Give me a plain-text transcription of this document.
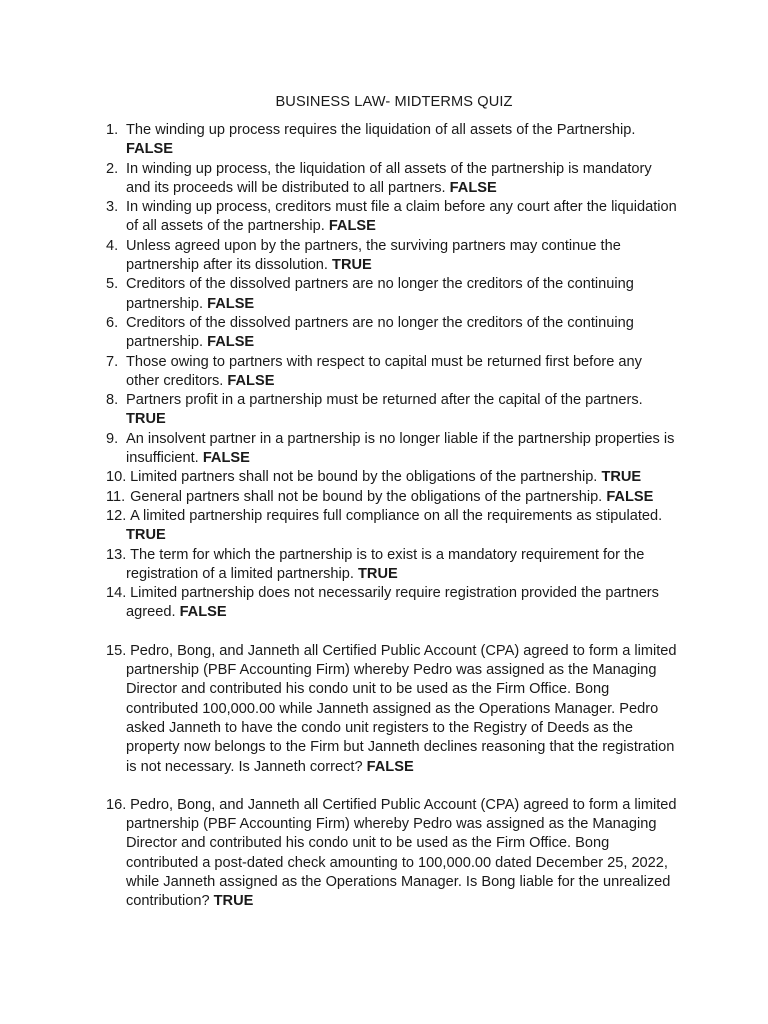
BUSINESS LAW- MIDTERMS QUIZ
1. The winding up process requires the liquidation of all assets of the Partnership.
FALSE
2. In winding up process, the liquidation of all assets of the partnership is mandatory and its proceeds will be distributed to all partners. FALSE
3. In winding up process, creditors must file a claim before any court after the liquidation of all assets of the partnership. FALSE
4. Unless agreed upon by the partners, the surviving partners may continue the partnership after its dissolution. TRUE
5. Creditors of the dissolved partners are no longer the creditors of the continuing partnership. FALSE
6. Creditors of the dissolved partners are no longer the creditors of the continuing partnership. FALSE
7. Those owing to partners with respect to capital must be returned first before any other creditors. FALSE
8. Partners profit in a partnership must be returned after the capital of the partners.
TRUE
9. An insolvent partner in a partnership is no longer liable if the partnership properties is insufficient. FALSE
10. Limited partners shall not be bound by the obligations of the partnership. TRUE
11. General partners shall not be bound by the obligations of the partnership. FALSE
12. A limited partnership requires full compliance on all the requirements as stipulated. TRUE
13. The term for which the partnership is to exist is a mandatory requirement for the registration of a limited partnership. TRUE
14. Limited partnership does not necessarily require registration provided the partners agreed. FALSE
15. Pedro, Bong, and Janneth all Certified Public Account (CPA) agreed to form a limited partnership (PBF Accounting Firm) whereby Pedro was assigned as the Managing Director and contributed his condo unit to be used as the Firm Office. Bong contributed 100,000.00 while Janneth assigned as the Operations Manager. Pedro asked Janneth to have the condo unit registers to the Registry of Deeds as the property now belongs to the Firm but Janneth declines reasoning that the registration is not necessary. Is Janneth correct? FALSE
16. Pedro, Bong, and Janneth all Certified Public Account (CPA) agreed to form a limited partnership (PBF Accounting Firm) whereby Pedro was assigned as the Managing Director and contributed his condo unit to be used as the Firm Office. Bong contributed a post-dated check amounting to 100,000.00 dated December 25, 2022, while Janneth assigned as the Operations Manager. Is Bong liable for the unrealized contribution? TRUE
